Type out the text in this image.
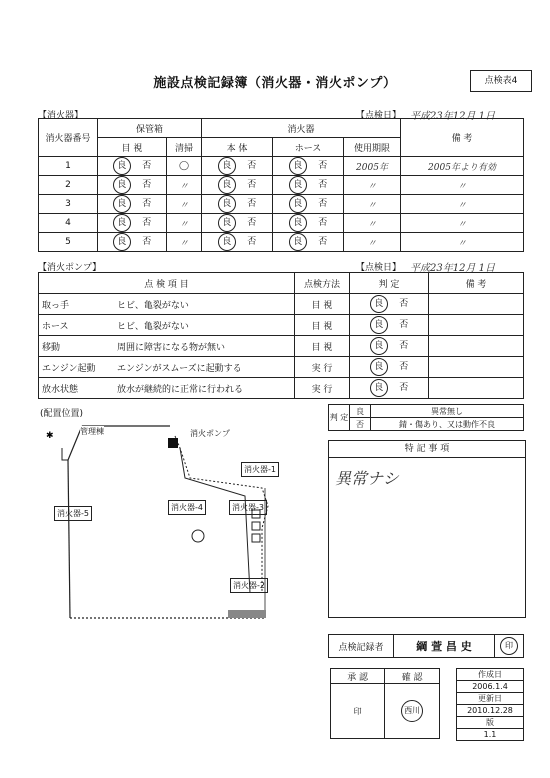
施設点検記録簿（消火器・消火ポンプ）	点検表4
【消火器】	【点検日】 平成23年12月 1日
消火器番号	保管箱		消火器			備 考
	目 視	清掃	本 体	ホース	使用期限	
1	良 否	◯	良 否	良 否	2005年	2005年より有効
2	良 否	〃	良 否	良 否	〃	〃
3	良 否	〃	良 否	良 否	〃	〃
4	良 否	〃	良 否	良 否	〃	〃
5	良 否	〃	良 否	良 否	〃	〃
【消火ポンプ】	【点検日】 平成23年12月 1日
点 検 項 目		点検方法	判 定	備 考
取っ手	ヒビ、亀裂がない	目 視	良 否	
ホース	ヒビ、亀裂がない	目 視	良 否	
移動	周囲に障害になる物が無い	目 視	良 否	
エンジン起動	エンジンがスムーズに起動する	実 行	良 否	
放水状態	放水が継続的に正常に行われる	実 行	良 否	
(配置位置)
✱	管理棟	消火ポンプ
消火器-1
消火器-2
消火器-3
消火器-4
消火器-5
判 定	良	異常無し
	否	錆・傷あり、又は動作不良
特 記 事 項
異常ナシ
点検記録者	綱 萱 昌 史	印
承 認	確 認
印	西川
作成日
2006.1.4
更新日
2010.12.28
版
1.1
